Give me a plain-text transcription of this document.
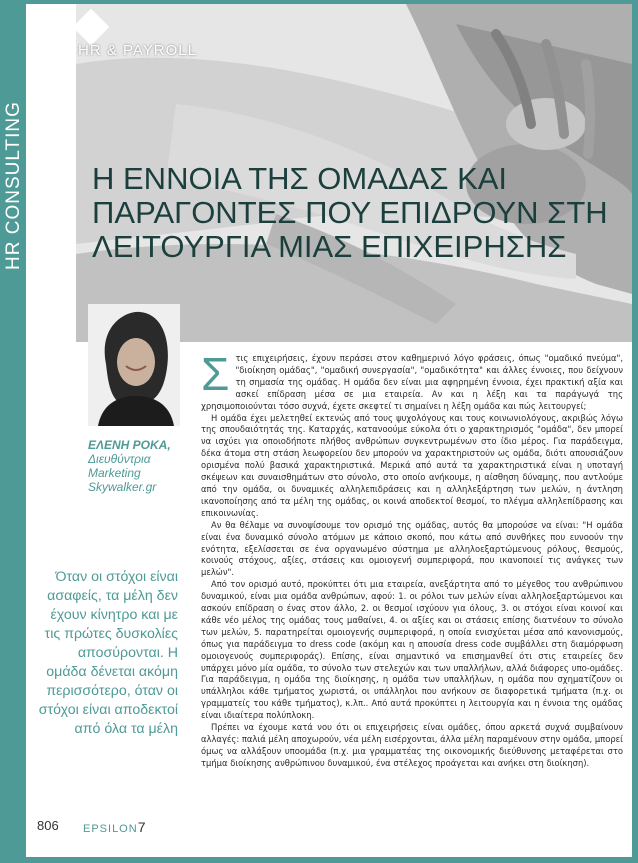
HR & PAYROLL
HR CONSULTING Η ΕΝΝΟΙΑ ΤΗΣ ΟΜΑΔΑΣ ΚΑΙ
ΠΑΡΑΓΟΝΤΕΣ ΠΟΥ ΕΠΙΔΡΟΥΝ ΣΤΗ
ΛΕΙΤΟΥΡΓΙΑ ΜΙΑΣ ΕΠΙΧΕΙΡΗΣΗΣ
ΕΛΕΝΗ ΡΟΚΑ,
Διευθύντρια
Marketing
Skywalker.gr

Όταν οι στόχοι είναι ασαφείς, τα μέλη δεν έχουν κίνητρο και με τις πρώτες δυσκολίες αποσύρονται. Η ομάδα δένεται ακόμη περισσότερο, όταν οι στόχοι είναι αποδεκτοί από όλα τα μέλη

Σ τις επιχειρήσεις, έχουν περάσει στον καθημερινό λόγο φράσεις, όπως "ομαδικό πνεύμα", "διοίκηση ομάδας", "ομαδική συνεργασία", "ομαδικότητα" και άλλες έννοιες, που δείχνουν τη σημασία της ομάδας. Η ομάδα δεν είναι μια αφηρημένη έννοια, έχει πρακτική αξία και ασκεί επίδραση μέσα σε μια εταιρεία. Αν και η λέξη και τα παράγωγά της χρησιμοποιούνται τόσο συχνά, έχετε σκεφτεί τι σημαίνει η λέξη ομάδα και πώς λειτουργεί;

Η ομάδα έχει μελετηθεί εκτενώς από τους ψυχολόγους και τους κοινωνιολόγους, ακριβώς λόγω της σπουδαιότητάς της. Καταρχάς, κατανοούμε εύκολα ότι ο χαρακτηρισμός "ομάδα", δεν μπορεί να ισχύει για οποιοδήποτε πλήθος ανθρώπων συγκεντρωμένων στο ίδιο μέρος. Για παράδειγμα, δέκα άτομα στη στάση λεωφορείου δεν μπορούν να χαρακτηριστούν ως ομάδα, διότι απουσιάζουν ορισμένα πολύ βασικά χαρακτηριστικά. Μερικά από αυτά τα χαρακτηριστικά είναι η υποταγή σκέψεων και συναισθημάτων στο σύνολο, στο οποίο ανήκουμε, η αίσθηση δύναμης, που αντλούμε από την ομάδα, οι δυναμικές αλληλεπιδράσεις και η αλληλεξάρτηση των μελών, η άντληση ικανοποίησης από τα μέλη της ομάδας, οι κοινά αποδεκτοί θεσμοί, το πλέγμα αλληλεπίδρασης και επικοινωνίας.

Αν θα θέλαμε να συνοψίσουμε τον ορισμό της ομάδας, αυτός θα μπορούσε να είναι: "Η ομάδα είναι ένα δυναμικό σύνολο ατόμων με κάποιο σκοπό, που κάτω από συνθήκες που ευνοούν την ενότητα, εξελίσσεται σε ένα οργανωμένο σύστημα με αλληλοεξαρτώμενους ρόλους, θεσμούς, κοινούς στόχους, αξίες, στάσεις και ομοιογενή συμπεριφορά, που ικανοποιεί τις ανάγκες των μελών".

Από τον ορισμό αυτό, προκύπτει ότι μια εταιρεία, ανεξάρτητα από το μέγεθος του ανθρώπινου δυναμικού, είναι μια ομάδα ανθρώπων, αφού: 1. οι ρόλοι των μελών είναι αλληλοεξαρτώμενοι και ασκούν επίδραση ο ένας στον άλλο, 2. οι θεσμοί ισχύουν για όλους, 3. οι στόχοι είναι κοινοί και κάθε νέο μέλος της ομάδας τους μαθαίνει, 4. οι αξίες και οι στάσεις επίσης διατνέουν το σύνολο των μελών, 5. παρατηρείται ομοιογενής συμπεριφορά, η οποία ενισχύεται μέσα από κανονισμούς, όπως για παράδειγμα το dress code (ακόμη και η απουσία dress code συμβάλλει στη διαμόρφωση ομοιογενούς συμπεριφοράς). Επίσης, είναι σημαντικό να επισημανθεί ότι στις εταιρείες δεν υπάρχει μόνο μία ομάδα, το σύνολο των στελεχών και των υπαλλήλων, αλλά διάφορες υπο-ομάδες. Για παράδειγμα, η ομάδα της διοίκησης, η ομάδα των υπαλλήλων, η ομάδα που σχηματίζουν οι υπάλληλοι κάθε τμήματος χωριστά, οι υπάλληλοι που ανήκουν σε διαφορετικά τμήματα (π.χ. οι γραμματείς του κάθε τμήματος), κ.λπ.. Από αυτά προκύπτει η λειτουργία και η έννοια της ομάδας είναι ιδιαίτερα πολύπλοκη.

Πρέπει να έχουμε κατά νου ότι οι επιχειρήσεις είναι ομάδες, όπου αρκετά συχνά συμβαίνουν αλλαγές: παλιά μέλη αποχωρούν, νέα μέλη εισέρχονται, άλλα μέλη παραμένουν στην ομάδα, μπορεί όμως να αλλάξουν υποομάδα (π.χ. μια γραμματέας της οικονομικής διεύθυνσης μεταφέρεται στο τμήμα διοίκησης ανθρώπινου δυναμικού, ένα στέλεχος προάγεται και ανήκει στη διοίκηση).

806 EPSILON7
